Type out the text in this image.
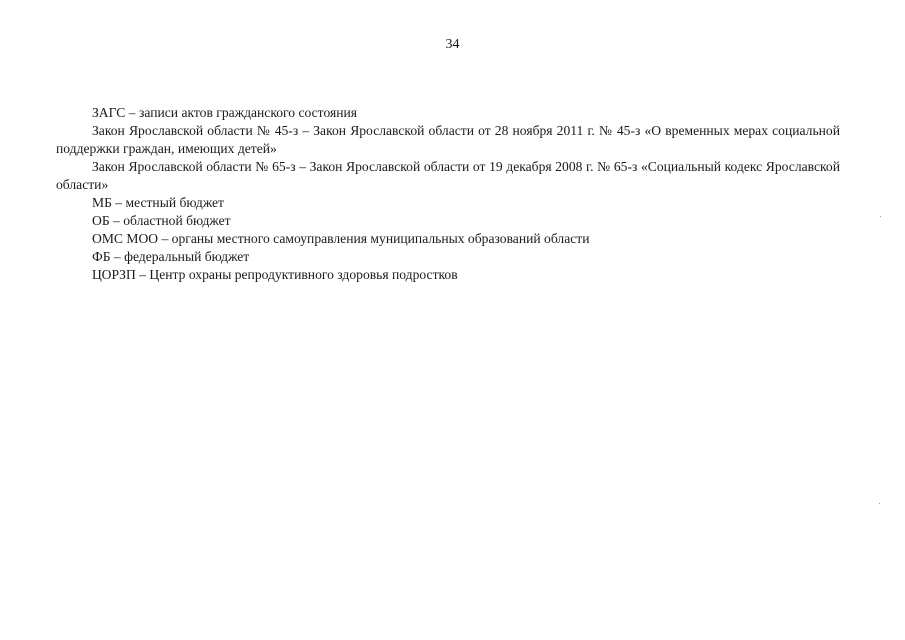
34

ЗАГС – записи актов гражданского состояния

Закон Ярославской области № 45-з – Закон Ярославской области от 28 ноября 2011 г. № 45-з «О временных мерах социальной поддержки граждан, имеющих детей»

Закон Ярославской области № 65-з – Закон Ярославской области от 19 декабря 2008 г. № 65-з «Социальный кодекс Ярославской области»

МБ – местный бюджет

ОБ – областной бюджет

ОМС МОО – органы местного самоуправления муниципальных образований области

ФБ – федеральный бюджет

ЦОРЗП – Центр охраны репродуктивного здоровья подростков
